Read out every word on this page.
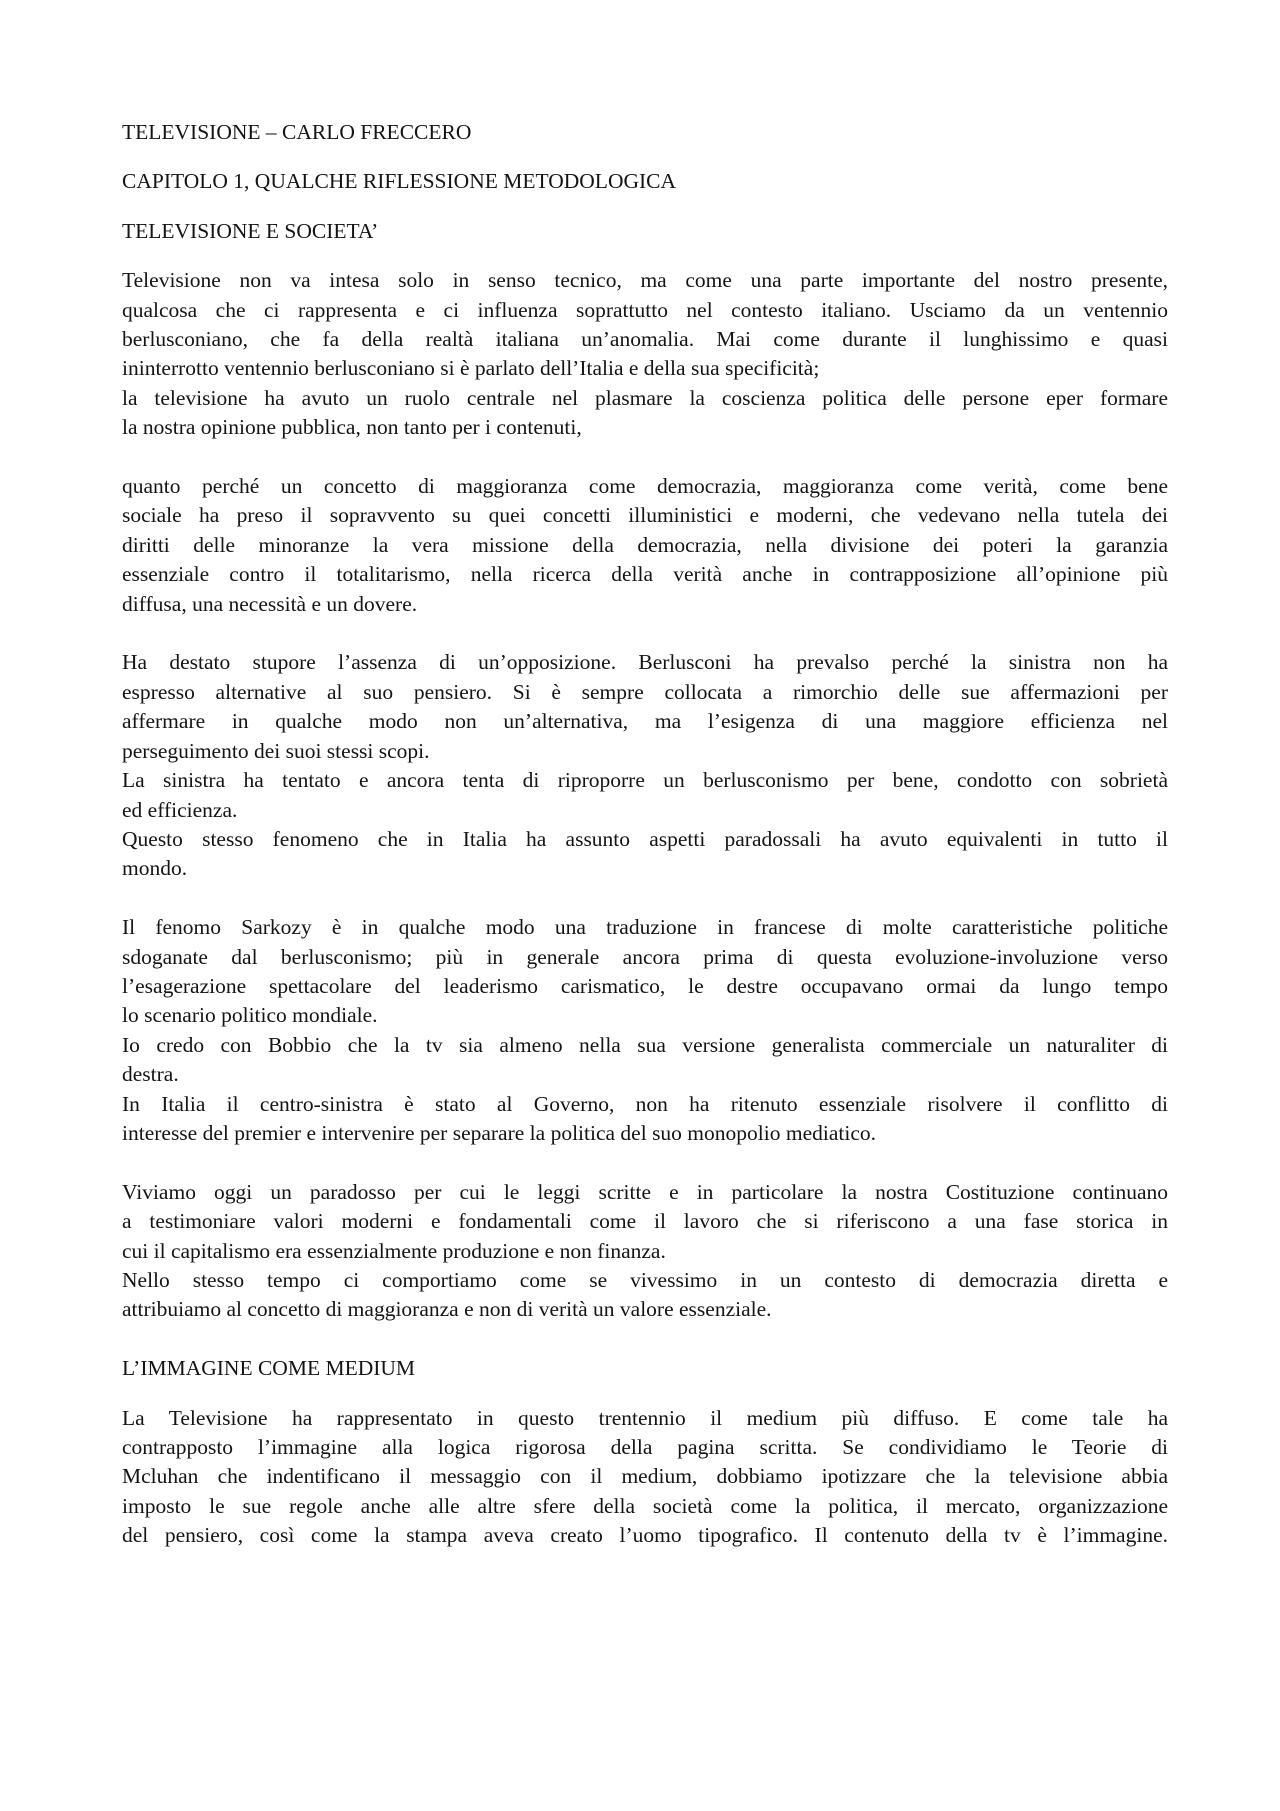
TELEVISIONE – CARLO FRECCERO
CAPITOLO 1, QUALCHE RIFLESSIONE METODOLOGICA
TELEVISIONE E SOCIETA’
Televisione non va intesa solo in senso tecnico, ma come una parte importante del nostro presente,
qualcosa che ci rappresenta e ci influenza soprattutto nel contesto italiano. Usciamo da un ventennio
berlusconiano, che fa della realtà italiana un’anomalia. Mai come durante il lunghissimo e quasi
ininterrotto ventennio berlusconiano si è parlato dell’Italia e della sua specificità;
la televisione ha avuto un ruolo centrale nel plasmare la coscienza politica delle persone eper formare
la nostra opinione pubblica, non tanto per i contenuti,
quanto perché un concetto di maggioranza come democrazia, maggioranza come verità, come bene
sociale ha preso il sopravvento su quei concetti illuministici e moderni, che vedevano nella tutela dei
diritti delle minoranze la vera missione della democrazia, nella divisione dei poteri la garanzia
essenziale contro il totalitarismo, nella ricerca della verità anche in contrapposizione all’opinione più
diffusa, una necessità e un dovere.
Ha destato stupore l’assenza di un’opposizione. Berlusconi ha prevalso perché la sinistra non ha
espresso alternative al suo pensiero. Si è sempre collocata a rimorchio delle sue affermazioni per
affermare in qualche modo non un’alternativa, ma l’esigenza di una maggiore efficienza nel
perseguimento dei suoi stessi scopi.
La sinistra ha tentato e ancora tenta di riproporre un berlusconismo per bene, condotto con sobrietà
ed efficienza.
Questo stesso fenomeno che in Italia ha assunto aspetti paradossali ha avuto equivalenti in tutto il
mondo.
Il fenomo Sarkozy è in qualche modo una traduzione in francese di molte caratteristiche politiche
sdoganate dal berlusconismo; più in generale ancora prima di questa evoluzione-involuzione verso
l’esagerazione spettacolare del leaderismo carismatico, le destre occupavano ormai da lungo tempo
lo scenario politico mondiale.
Io credo con Bobbio che la tv sia almeno nella sua versione generalista commerciale un naturaliter di
destra.
In Italia il centro-sinistra è stato al Governo, non ha ritenuto essenziale risolvere il conflitto di
interesse del premier e intervenire per separare la politica del suo monopolio mediatico.
Viviamo oggi un paradosso per cui le leggi scritte e in particolare la nostra Costituzione continuano
a testimoniare valori moderni e fondamentali come il lavoro che si riferiscono a una fase storica in
cui il capitalismo era essenzialmente produzione e non finanza.
Nello stesso tempo ci comportiamo come se vivessimo in un contesto di democrazia diretta e
attribuiamo al concetto di maggioranza e non di verità un valore essenziale.
L’IMMAGINE COME MEDIUM
La Televisione ha rappresentato in questo trentennio il medium più diffuso. E come tale ha
contrapposto l’immagine alla logica rigorosa della pagina scritta. Se condividiamo le Teorie di
Mcluhan che indentificano il messaggio con il medium, dobbiamo ipotizzare che la televisione abbia
imposto le sue regole anche alle altre sfere della società come la politica, il mercato, organizzazione
del pensiero, così come la stampa aveva creato l’uomo tipografico. Il contenuto della tv è l’immagine.
